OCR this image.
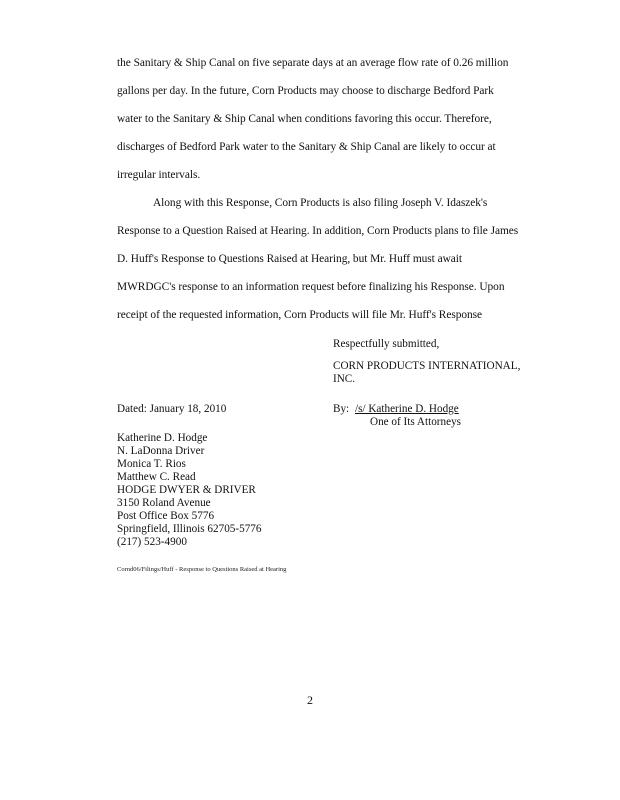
the Sanitary & Ship Canal on five separate days at an average flow rate of 0.26 million
gallons per day. In the future, Corn Products may choose to discharge Bedford Park
water to the Sanitary & Ship Canal when conditions favoring this occur. Therefore,
discharges of Bedford Park water to the Sanitary & Ship Canal are likely to occur at
irregular intervals.
Along with this Response, Corn Products is also filing Joseph V. Idaszek's
Response to a Question Raised at Hearing. In addition, Corn Products plans to file James
D. Huff's Response to Questions Raised at Hearing, but Mr. Huff must await
MWRDGC's response to an information request before finalizing his Response. Upon
receipt of the requested information, Corn Products will file Mr. Huff's Response
Respectfully submitted,
CORN PRODUCTS INTERNATIONAL,
INC.
Dated: January 18, 2010	By: /s/ Katherine D. Hodge
One of Its Attorneys
Katherine D. Hodge
N. LaDonna Driver
Monica T. Rios
Matthew C. Read
HODGE DWYER & DRIVER
3150 Roland Avenue
Post Office Box 5776
Springfield, Illinois 62705-5776
(217) 523-4900
Cornd06/Filings/Huff - Response to Questions Raised at Hearing
2
